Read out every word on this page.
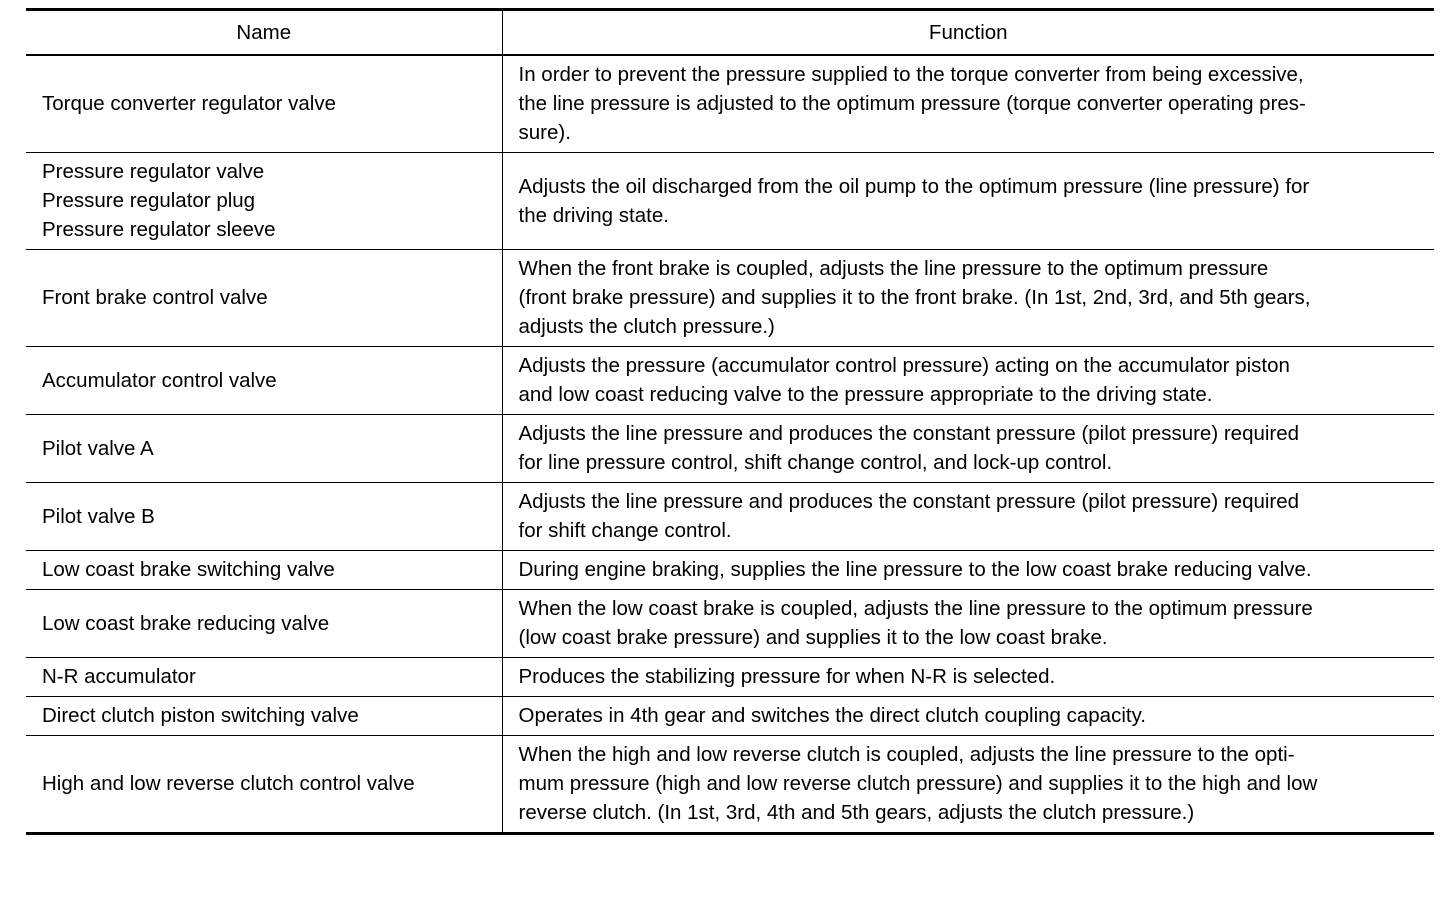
Name	Function

Torque converter regulator valve	In order to prevent the pressure supplied to the torque converter from being excessive,
the line pressure is adjusted to the optimum pressure (torque converter operating pres-
sure).

Pressure regulator valve
Pressure regulator plug
Pressure regulator sleeve	Adjusts the oil discharged from the oil pump to the optimum pressure (line pressure) for
the driving state.

Front brake control valve	When the front brake is coupled, adjusts the line pressure to the optimum pressure
(front brake pressure) and supplies it to the front brake. (In 1st, 2nd, 3rd, and 5th gears,
adjusts the clutch pressure.)

Accumulator control valve	Adjusts the pressure (accumulator control pressure) acting on the accumulator piston
and low coast reducing valve to the pressure appropriate to the driving state.

Pilot valve A	Adjusts the line pressure and produces the constant pressure (pilot pressure) required
for line pressure control, shift change control, and lock-up control.

Pilot valve B	Adjusts the line pressure and produces the constant pressure (pilot pressure) required
for shift change control.

Low coast brake switching valve	During engine braking, supplies the line pressure to the low coast brake reducing valve.

Low coast brake reducing valve	When the low coast brake is coupled, adjusts the line pressure to the optimum pressure
(low coast brake pressure) and supplies it to the low coast brake.

N-R accumulator	Produces the stabilizing pressure for when N-R is selected.

Direct clutch piston switching valve	Operates in 4th gear and switches the direct clutch coupling capacity.

High and low reverse clutch control valve	When the high and low reverse clutch is coupled, adjusts the line pressure to the opti-
mum pressure (high and low reverse clutch pressure) and supplies it to the high and low
reverse clutch. (In 1st, 3rd, 4th and 5th gears, adjusts the clutch pressure.)
